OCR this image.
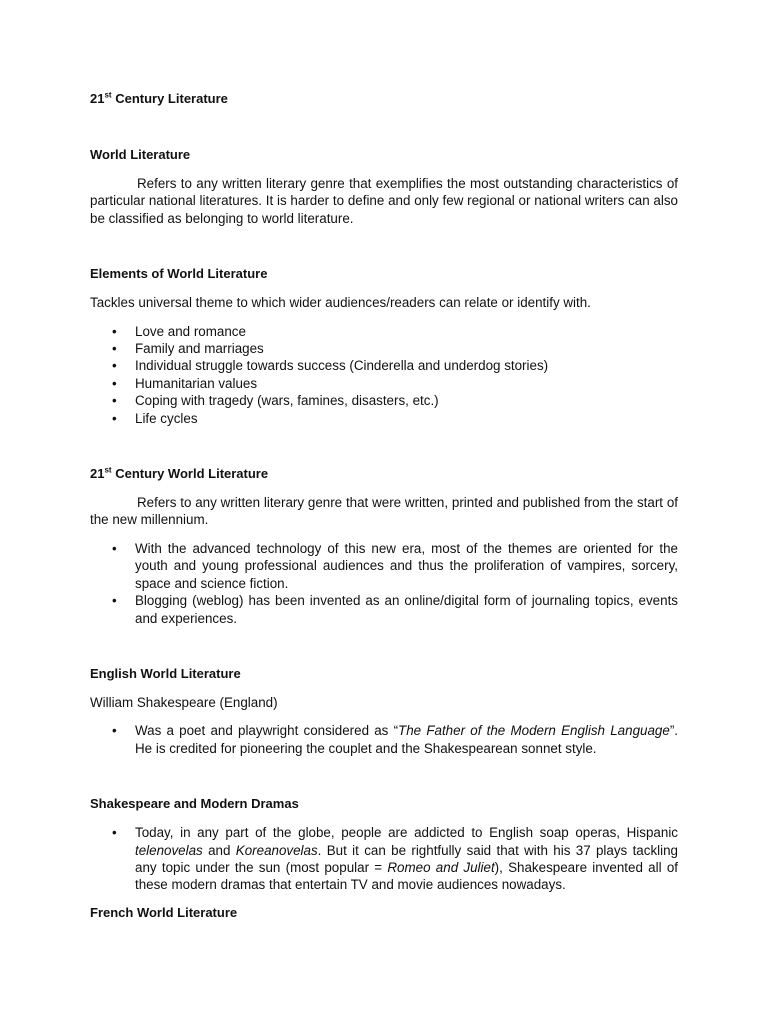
21st Century Literature
World Literature

Refers to any written literary genre that exemplifies the most outstanding characteristics of particular national literatures. It is harder to define and only few regional or national writers can also be classified as belonging to world literature.

Elements of World Literature

Tackles universal theme to which wider audiences/readers can relate or identify with.

• Love and romance
• Family and marriages
• Individual struggle towards success (Cinderella and underdog stories)
• Humanitarian values
• Coping with tragedy (wars, famines, disasters, etc.)
• Life cycles
21st Century World Literature

Refers to any written literary genre that were written, printed and published from the start of the new millennium.

• With the advanced technology of this new era, most of the themes are oriented for the youth and young professional audiences and thus the proliferation of vampires, sorcery, space and science fiction.
• Blogging (weblog) has been invented as an online/digital form of journaling topics, events and experiences.
English World Literature

William Shakespeare (England)

• Was a poet and playwright considered as “The Father of the Modern English Language”. He is credited for pioneering the couplet and the Shakespearean sonnet style.
Shakespeare and Modern Dramas
• Today, in any part of the globe, people are addicted to English soap operas, Hispanic telenovelas and Koreanovelas. But it can be rightfully said that with his 37 plays tackling any topic under the sun (most popular = Romeo and Juliet), Shakespeare invented all of these modern dramas that entertain TV and movie audiences nowadays.
French World Literature
